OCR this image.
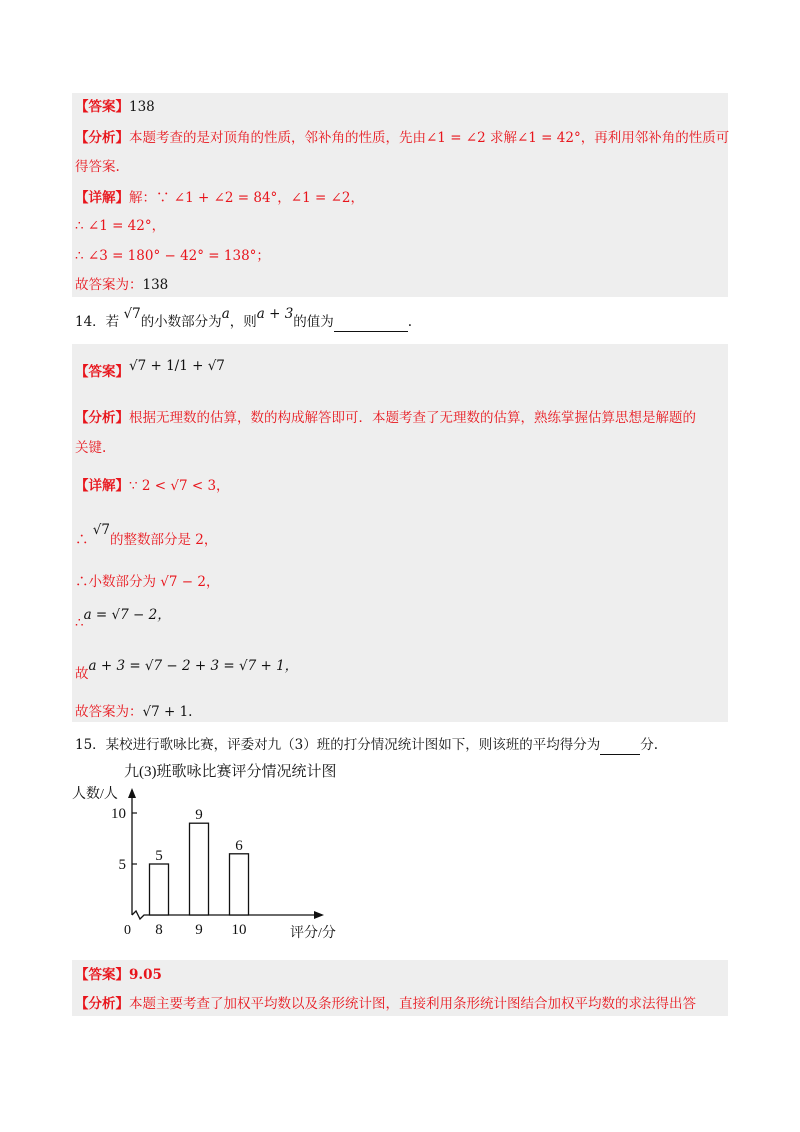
【答案】138
【分析】本题考查的是对顶角的性质，邻补角的性质，先由∠1 = ∠2 求解∠1 = 42°，再利用邻补角的性质可
得答案.
【详解】解：∵ ∠1 + ∠2 = 84°，∠1 = ∠2，
∴ ∠1 = 42°，
∴ ∠3 = 180° − 42° = 138°；
故答案为：138
14．若 √7的小数部分为a，则a + 3的值为	.
【答案】√7 + 1/1 + √7
【分析】根据无理数的估算，数的构成解答即可．本题考查了无理数的估算，熟练掌握估算思想是解题的
关键.
【详解】∵ 2 < √7 < 3，
∴ √7的整数部分是 2，
∴小数部分为 √7 − 2，
∴a = √7 − 2，
故a + 3 = √7 − 2 + 3 = √7 + 1，
故答案为：√7 + 1.
15．某校进行歌咏比赛，评委对九（3）班的打分情况统计图如下，则该班的平均得分为	分.
九(3)班歌咏比赛评分情况统计图
人数/人
评分/分
0
5
10
5
8
9
9
6
10
【答案】9.05
【分析】本题主要考查了加权平均数以及条形统计图，直接利用条形统计图结合加权平均数的求法得出答
